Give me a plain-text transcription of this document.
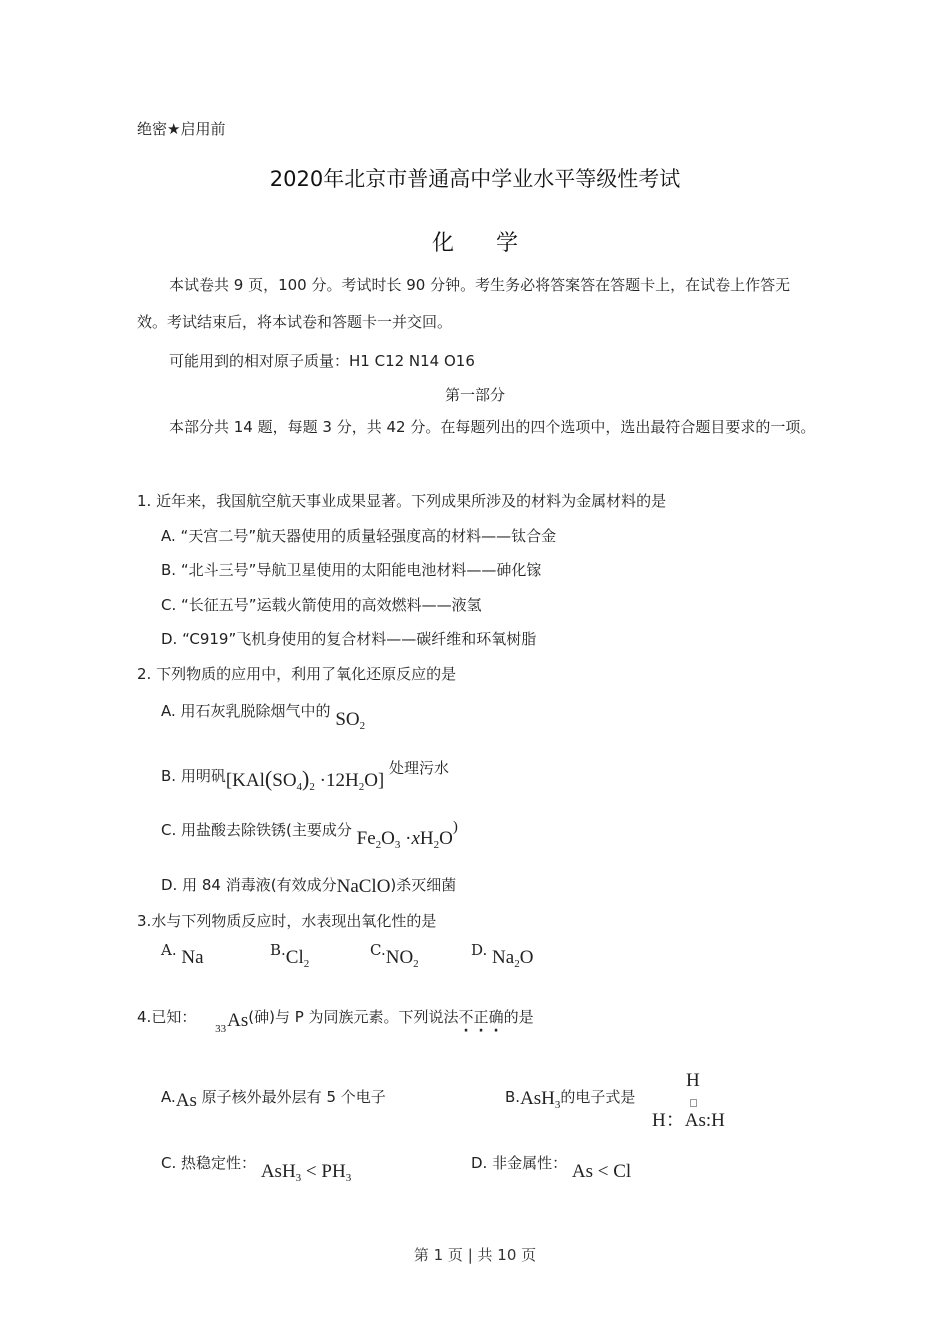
绝密★启用前
2020年北京市普通高中学业水平等级性考试
化学
本试卷共 9 页，100 分。考试时长 90 分钟。考生务必将答案答在答题卡上，在试卷上作答无效。考试结束后，将本试卷和答题卡一并交回。
可能用到的相对原子质量：H1 C12 N14 O16
第一部分
本部分共 14 题，每题 3 分，共 42 分。在每题列出的四个选项中，选出最符合题目要求的一项。
1. 近年来，我国航空航天事业成果显著。下列成果所涉及的材料为金属材料的是
A. “天宫二号”航天器使用的质量轻强度高的材料——钛合金
B. “北斗三号”导航卫星使用的太阳能电池材料——砷化镓
C. “长征五号”运载火箭使用的高效燃料——液氢
D. “C919”飞机身使用的复合材料——碳纤维和环氧树脂
2. 下列物质的应用中，利用了氧化还原反应的是
A. 用石灰乳脱除烟气中的 $SO_2$
B. 用明矾$[KAl(SO_4)_2 \cdot 12H_2O]$ 处理污水
C. 用盐酸去除铁锈(主要成分 $Fe_2O_3 \cdot xH_2O$)
D. 用 84 消毒液(有效成分NaClO)杀灭细菌
3.水与下列物质反应时，水表现出氧化性的是
A. Na	$B.Cl_2$
$C.NO_2$
D. $Na_2O$
4.已知： $_{33}$As(砷)与 P 为同族元素。下列说法不正确的是
A.As 原子核外最外层有 5 个电子	B.AsH$_3$的电子式是
H
H：As:H
C. 热稳定性： $AsH_3 < PH_3$
D. 非金属性： As < Cl
第 1 页 | 共 10 页
